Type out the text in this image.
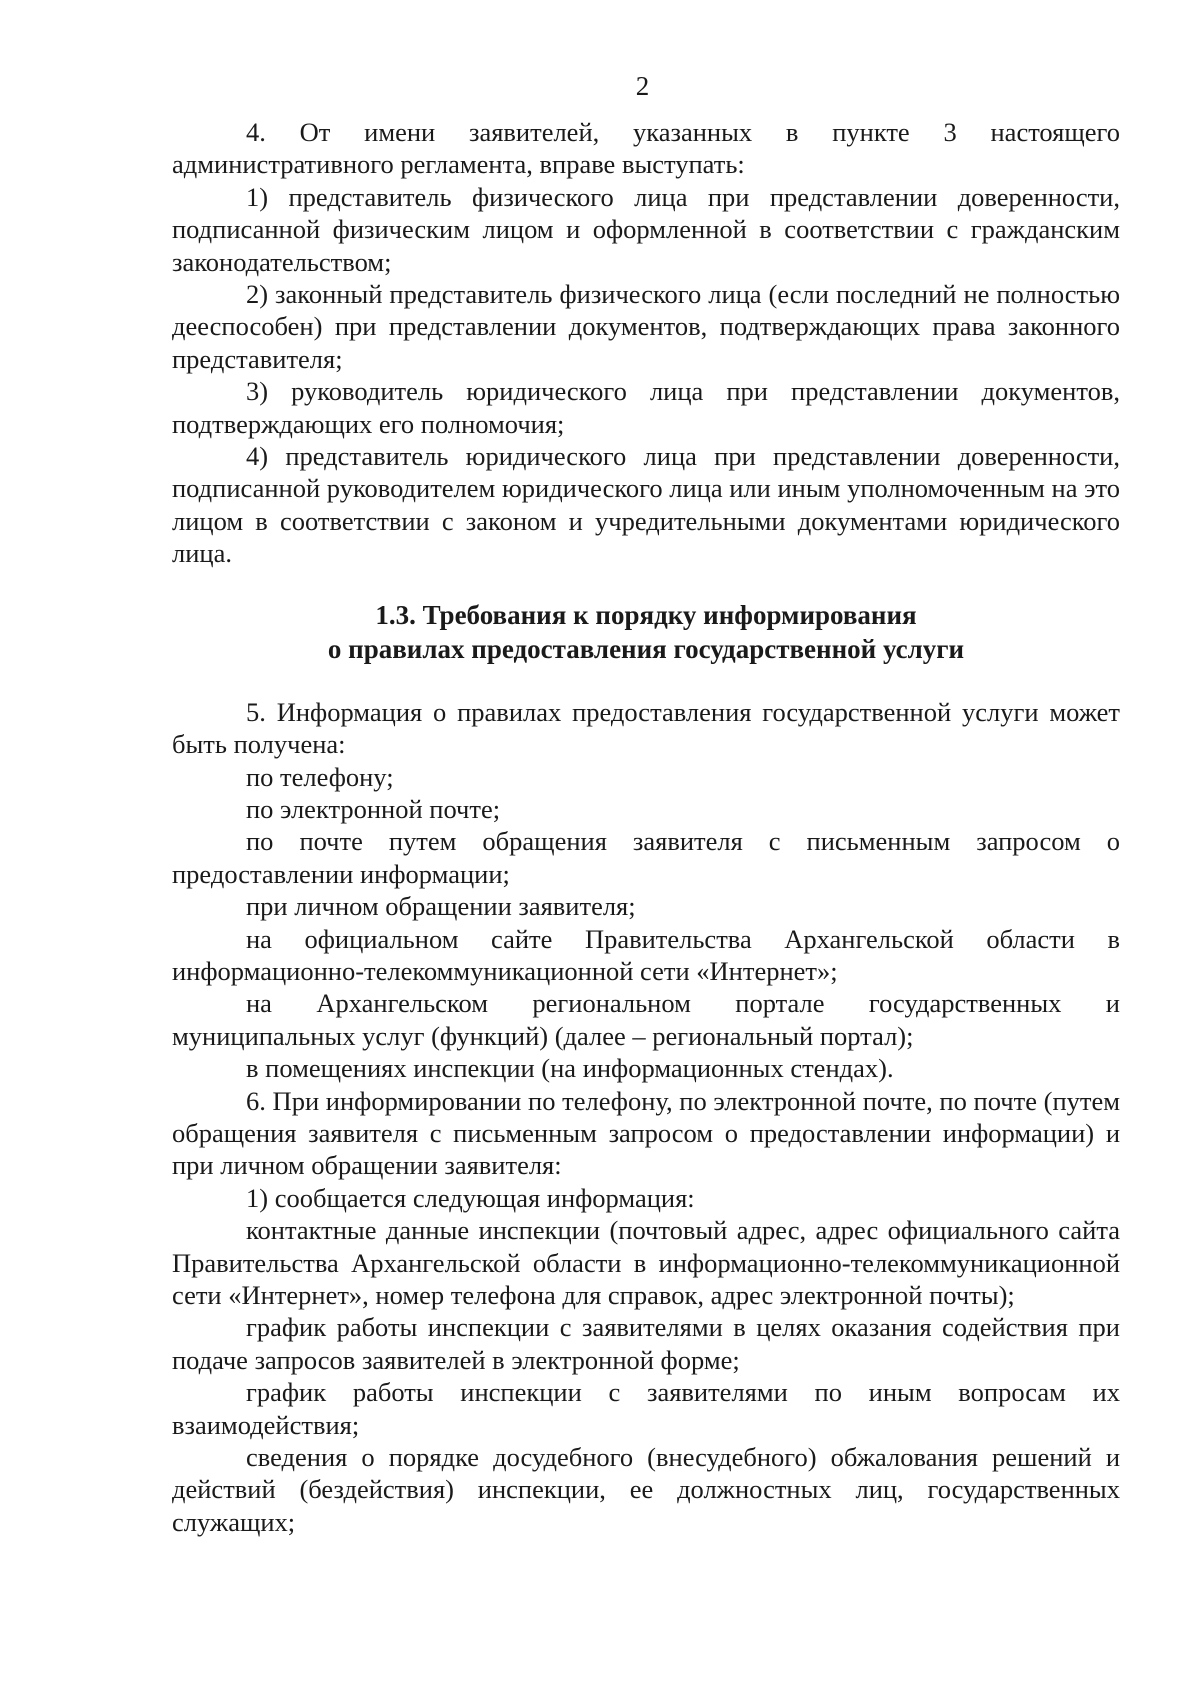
2

4. От имени заявителей, указанных в пункте 3 настоящего административного регламента, вправе выступать:

1) представитель физического лица при представлении доверенности, подписанной физическим лицом и оформленной в соответствии с гражданским законодательством;

2) законный представитель физического лица (если последний не полностью дееспособен) при представлении документов, подтверждающих права законного представителя;

3) руководитель юридического лица при представлении документов, подтверждающих его полномочия;

4) представитель юридического лица при представлении доверенности, подписанной руководителем юридического лица или иным уполномоченным на это лицом в соответствии с законом и учредительными документами юридического лица.

1.3. Требования к порядку информирования
о правилах предоставления государственной услуги

5. Информация о правилах предоставления государственной услуги может быть получена:

по телефону;

по электронной почте;

по почте путем обращения заявителя с письменным запросом о предоставлении информации;

при личном обращении заявителя;

на официальном сайте Правительства Архангельской области в информационно-телекоммуникационной сети «Интернет»;

на Архангельском региональном портале государственных и муниципальных услуг (функций) (далее – региональный портал);

в помещениях инспекции (на информационных стендах).

6. При информировании по телефону, по электронной почте, по почте (путем обращения заявителя с письменным запросом о предоставлении информации) и при личном обращении заявителя:

1) сообщается следующая информация:

контактные данные инспекции (почтовый адрес, адрес официального сайта Правительства Архангельской области в информационно-телекоммуникационной сети «Интернет», номер телефона для справок, адрес электронной почты);

график работы инспекции с заявителями в целях оказания содействия при подаче запросов заявителей в электронной форме;

график работы инспекции с заявителями по иным вопросам их взаимодействия;

сведения о порядке досудебного (внесудебного) обжалования решений и действий (бездействия) инспекции, ее должностных лиц, государственных служащих;
